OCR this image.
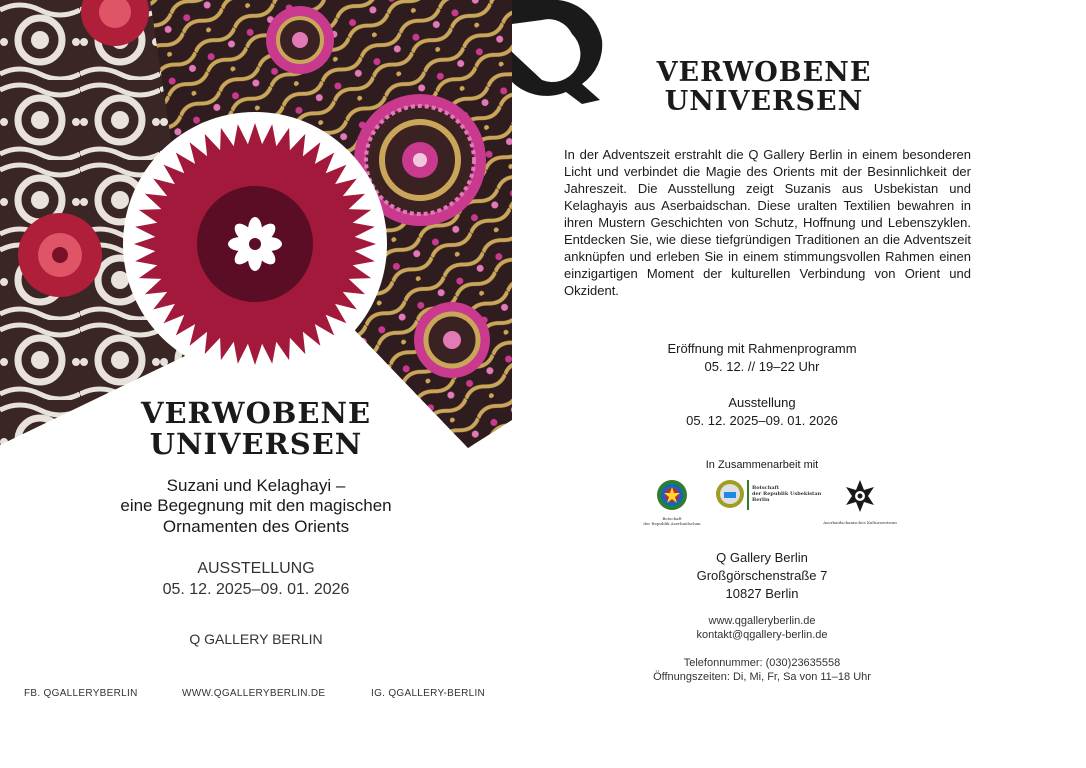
VERWOBENE
UNIVERSEN
Suzani und Kelaghayi –
eine Begegnung mit den magischen
Ornamenten des Orients
AUSSTELLUNG
05. 12. 2025–09. 01. 2026
Q GALLERY BERLIN
FB. QGALLERYBERLIN	WWW.QGALLERYBERLIN.DE	IG. QGALLERY-BERLIN
VERWOBENE
UNIVERSEN
In der Adventszeit erstrahlt die Q Gallery Berlin in einem besonderen Licht und verbindet die Magie des Orients mit der Besinnlichkeit der Jahreszeit. Die Ausstellung zeigt Suzanis aus Usbekistan und Kelaghayis aus Aserbaidschan. Diese uralten Textilien bewahren in ihren Mustern Geschichten von Schutz, Hoffnung und Lebenszyklen. Entdecken Sie, wie diese tiefgründigen Traditionen an die Adventszeit anknüpfen und erleben Sie in einem stimmungsvollen Rahmen einen einzigartigen Moment der kulturellen Verbindung von Orient und Okzident.
Eröffnung mit Rahmenprogramm
05. 12. // 19–22 Uhr
Ausstellung
05. 12. 2025–09. 01. 2026
In Zusammenarbeit mit
Botschaft
der Republik Aserbaidschan
Botschaft
der Republik Usbekistan
Berlin
Aserbaidschanisches Kulturzentrum
Q Gallery Berlin
Großgörschenstraße 7
10827 Berlin
www.qgalleryberlin.de
kontakt@qgallery-berlin.de
Telefonnummer: (030)23635558
Öffnungszeiten: Di, Mi, Fr, Sa von 11–18 Uhr
